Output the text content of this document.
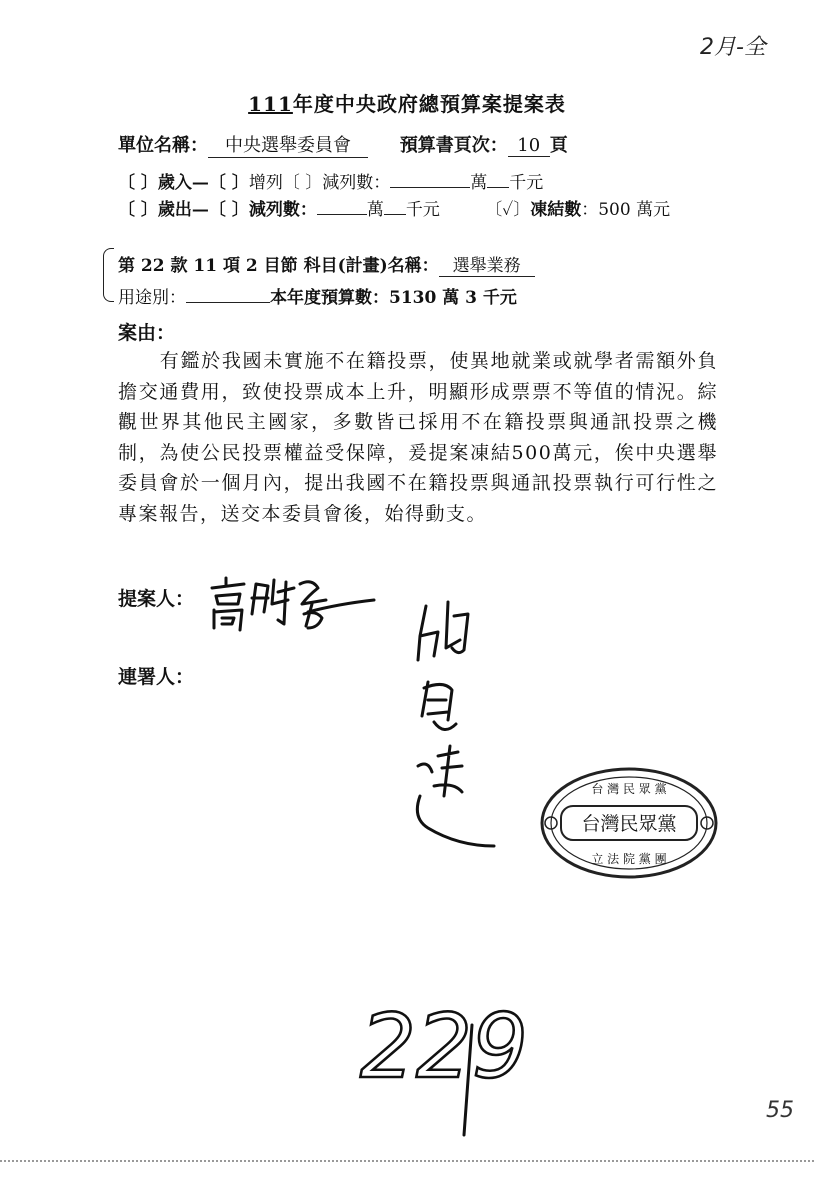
2月-全
111年度中央政府總預算案提案表
單位名稱： 中央選舉委員會	預算書頁次： 10 頁
〔 〕歲入—〔 〕增列〔 〕減列數：	萬 千元
〔 〕歲出—〔 〕減列數：	萬 千元	〔✓〕凍結數：500 萬元
第 22 款 11 項 2 目節 科目(計畫)名稱： 選舉業務
用途別：	本年度預算數：5130 萬 3 千元
案由：
有鑑於我國未實施不在籍投票，使異地就業或就學者需額外負擔交通費用，致使投票成本上升，明顯形成票票不等值的情況。綜觀世界其他民主國家，多數皆已採用不在籍投票與通訊投票之機制，為使公民投票權益受保障，爰提案凍結500萬元，俟中央選舉委員會於一個月內，提出我國不在籍投票與通訊投票執行可行性之專案報告，送交本委員會後，始得動支。
提案人：
連署人：
台灣民眾黨
台 灣 民 眾 黨
立 法 院 黨 團
229
55
